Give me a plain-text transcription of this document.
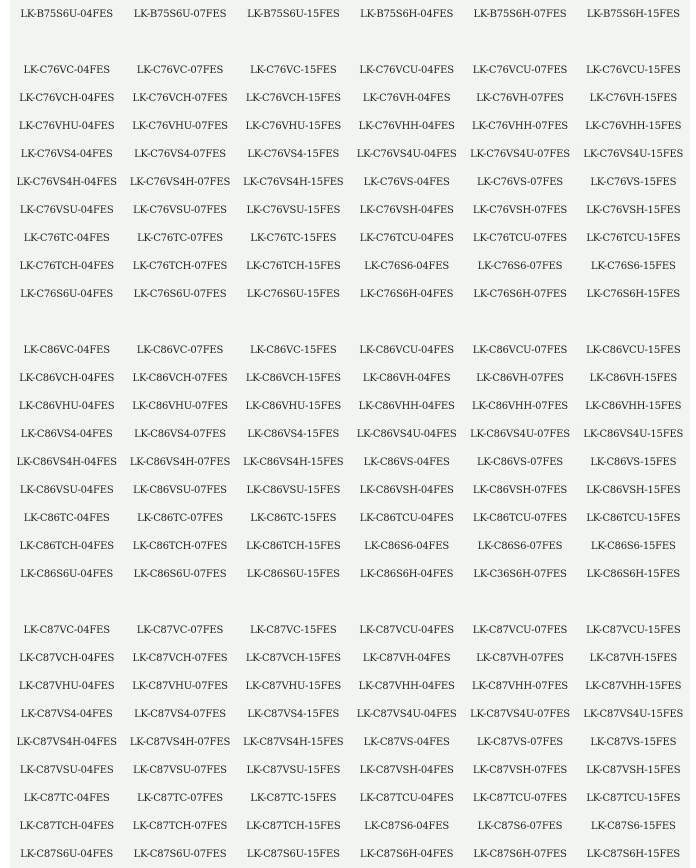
LK-B75S6U-04FES	LK-B75S6U-07FES	LK-B75S6U-15FES	LK-B75S6H-04FES	LK-B75S6H-07FES	LK-B75S6H-15FES
LK-C76VC-04FES	LK-C76VC-07FES	LK-C76VC-15FES	LK-C76VCU-04FES	LK-C76VCU-07FES	LK-C76VCU-15FES
LK-C76VCH-04FES	LK-C76VCH-07FES	LK-C76VCH-15FES	LK-C76VH-04FES	LK-C76VH-07FES	LK-C76VH-15FES
LK-C76VHU-04FES	LK-C76VHU-07FES	LK-C76VHU-15FES	LK-C76VHH-04FES	LK-C76VHH-07FES	LK-C76VHH-15FES
LK-C76VS4-04FES	LK-C76VS4-07FES	LK-C76VS4-15FES	LK-C76VS4U-04FES	LK-C76VS4U-07FES	LK-C76VS4U-15FES
LK-C76VS4H-04FES	LK-C76VS4H-07FES	LK-C76VS4H-15FES	LK-C76VS-04FES	LK-C76VS-07FES	LK-C76VS-15FES
LK-C76VSU-04FES	LK-C76VSU-07FES	LK-C76VSU-15FES	LK-C76VSH-04FES	LK-C76VSH-07FES	LK-C76VSH-15FES
LK-C76TC-04FES	LK-C76TC-07FES	LK-C76TC-15FES	LK-C76TCU-04FES	LK-C76TCU-07FES	LK-C76TCU-15FES
LK-C76TCH-04FES	LK-C76TCH-07FES	LK-C76TCH-15FES	LK-C76S6-04FES	LK-C76S6-07FES	LK-C76S6-15FES
LK-C76S6U-04FES	LK-C76S6U-07FES	LK-C76S6U-15FES	LK-C76S6H-04FES	LK-C76S6H-07FES	LK-C76S6H-15FES
LK-C86VC-04FES	LK-C86VC-07FES	LK-C86VC-15FES	LK-C86VCU-04FES	LK-C86VCU-07FES	LK-C86VCU-15FES
LK-C86VCH-04FES	LK-C86VCH-07FES	LK-C86VCH-15FES	LK-C86VH-04FES	LK-C86VH-07FES	LK-C86VH-15FES
LK-C86VHU-04FES	LK-C86VHU-07FES	LK-C86VHU-15FES	LK-C86VHH-04FES	LK-C86VHH-07FES	LK-C86VHH-15FES
LK-C86VS4-04FES	LK-C86VS4-07FES	LK-C86VS4-15FES	LK-C86VS4U-04FES	LK-C86VS4U-07FES	LK-C86VS4U-15FES
LK-C86VS4H-04FES	LK-C86VS4H-07FES	LK-C86VS4H-15FES	LK-C86VS-04FES	LK-C86VS-07FES	LK-C86VS-15FES
LK-C86VSU-04FES	LK-C86VSU-07FES	LK-C86VSU-15FES	LK-C86VSH-04FES	LK-C86VSH-07FES	LK-C86VSH-15FES
LK-C86TC-04FES	LK-C86TC-07FES	LK-C86TC-15FES	LK-C86TCU-04FES	LK-C86TCU-07FES	LK-C86TCU-15FES
LK-C86TCH-04FES	LK-C86TCH-07FES	LK-C86TCH-15FES	LK-C86S6-04FES	LK-C86S6-07FES	LK-C86S6-15FES
LK-C86S6U-04FES	LK-C86S6U-07FES	LK-C86S6U-15FES	LK-C86S6H-04FES	LK-C36S6H-07FES	LK-C86S6H-15FES
LK-C87VC-04FES	LK-C87VC-07FES	LK-C87VC-15FES	LK-C87VCU-04FES	LK-C87VCU-07FES	LK-C87VCU-15FES
LK-C87VCH-04FES	LK-C87VCH-07FES	LK-C87VCH-15FES	LK-C87VH-04FES	LK-C87VH-07FES	LK-C87VH-15FES
LK-C87VHU-04FES	LK-C87VHU-07FES	LK-C87VHU-15FES	LK-C87VHH-04FES	LK-C87VHH-07FES	LK-C87VHH-15FES
LK-C87VS4-04FES	LK-C87VS4-07FES	LK-C87VS4-15FES	LK-C87VS4U-04FES	LK-C87VS4U-07FES	LK-C87VS4U-15FES
LK-C87VS4H-04FES	LK-C87VS4H-07FES	LK-C87VS4H-15FES	LK-C87VS-04FES	LK-C87VS-07FES	LK-C87VS-15FES
LK-C87VSU-04FES	LK-C87VSU-07FES	LK-C87VSU-15FES	LK-C87VSH-04FES	LK-C87VSH-07FES	LK-C87VSH-15FES
LK-C87TC-04FES	LK-C87TC-07FES	LK-C87TC-15FES	LK-C87TCU-04FES	LK-C87TCU-07FES	LK-C87TCU-15FES
LK-C87TCH-04FES	LK-C87TCH-07FES	LK-C87TCH-15FES	LK-C87S6-04FES	LK-C87S6-07FES	LK-C87S6-15FES
LK-C87S6U-04FES	LK-C87S6U-07FES	LK-C87S6U-15FES	LK-C87S6H-04FES	LK-C87S6H-07FES	LK-C87S6H-15FES
